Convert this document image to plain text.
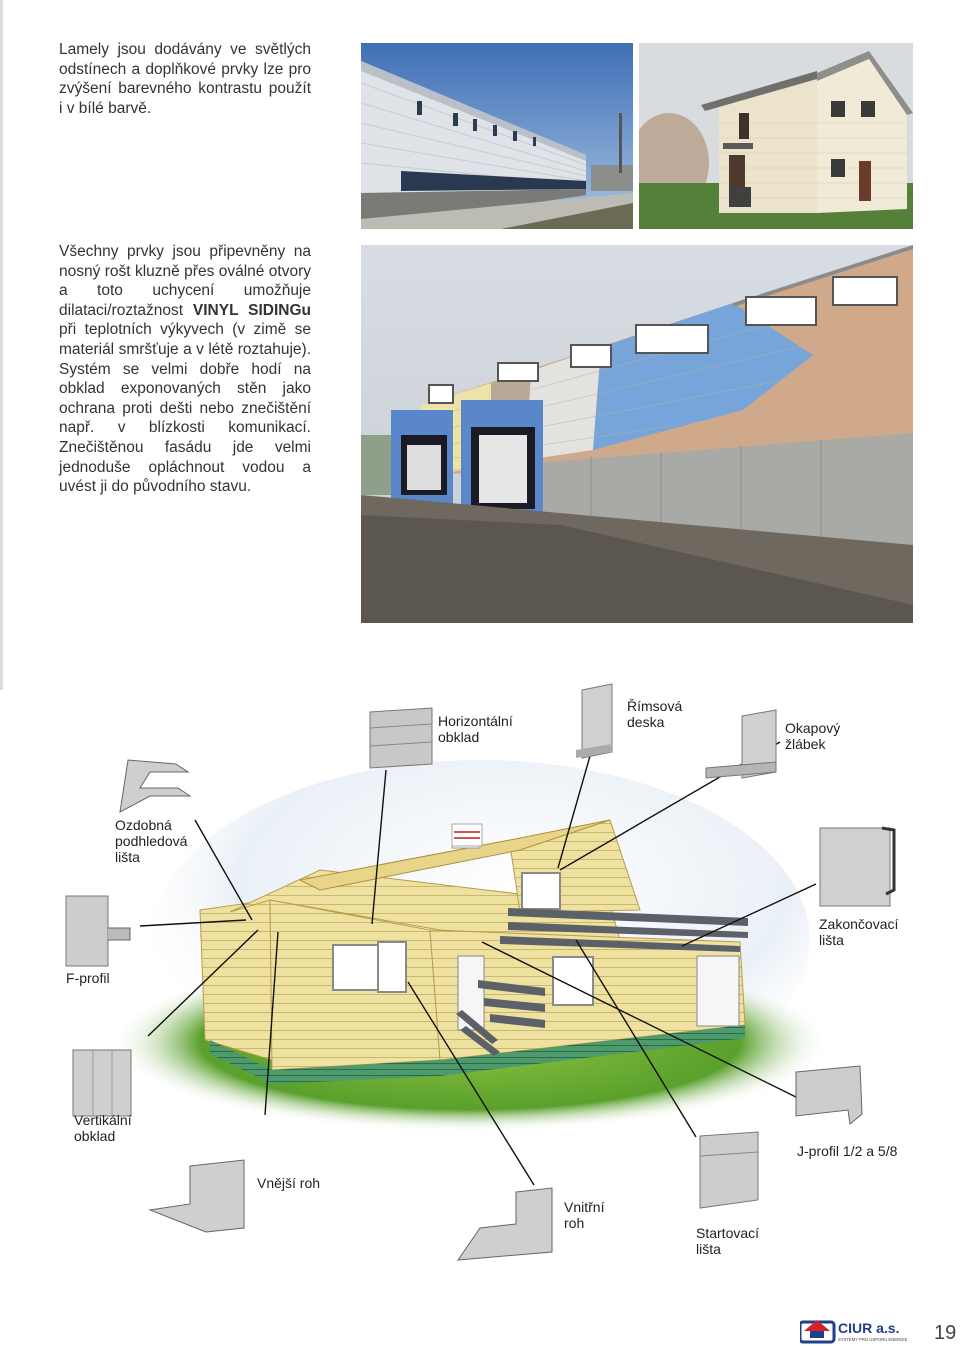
Lamely jsou dodávány ve světlých odstínech a doplňkové prvky lze pro zvýšení barevného kontrastu použít i v bílé barvě.
Všechny prvky jsou připevněny na nosný rošt kluzně přes oválné otvory a toto uchycení umožňuje dilataci/roztažnost VINYL SIDINGu při teplotních výkyvech (v zimě se materiál smršťuje a v létě roztahuje). Systém se velmi dobře hodí na obklad exponovaných stěn jako ochrana proti dešti nebo znečištění např. v blízkosti komunikací. Znečištěnou fasádu jde velmi jednoduše opláchnout vodou a uvést ji do původního stavu.
Horizontální obklad
Římsová deska	Okapový žlábek
Ozdobná podhledová lišta
Zakončovací lišta
F-profil
Vertikální obklad
J-profil 1/2 a 5/8
Vnější roh
Vnitřní roh
Startovací lišta
CIUR a.s.
SYSTÉMY PRO ÚSPORU ENERGIE 19
